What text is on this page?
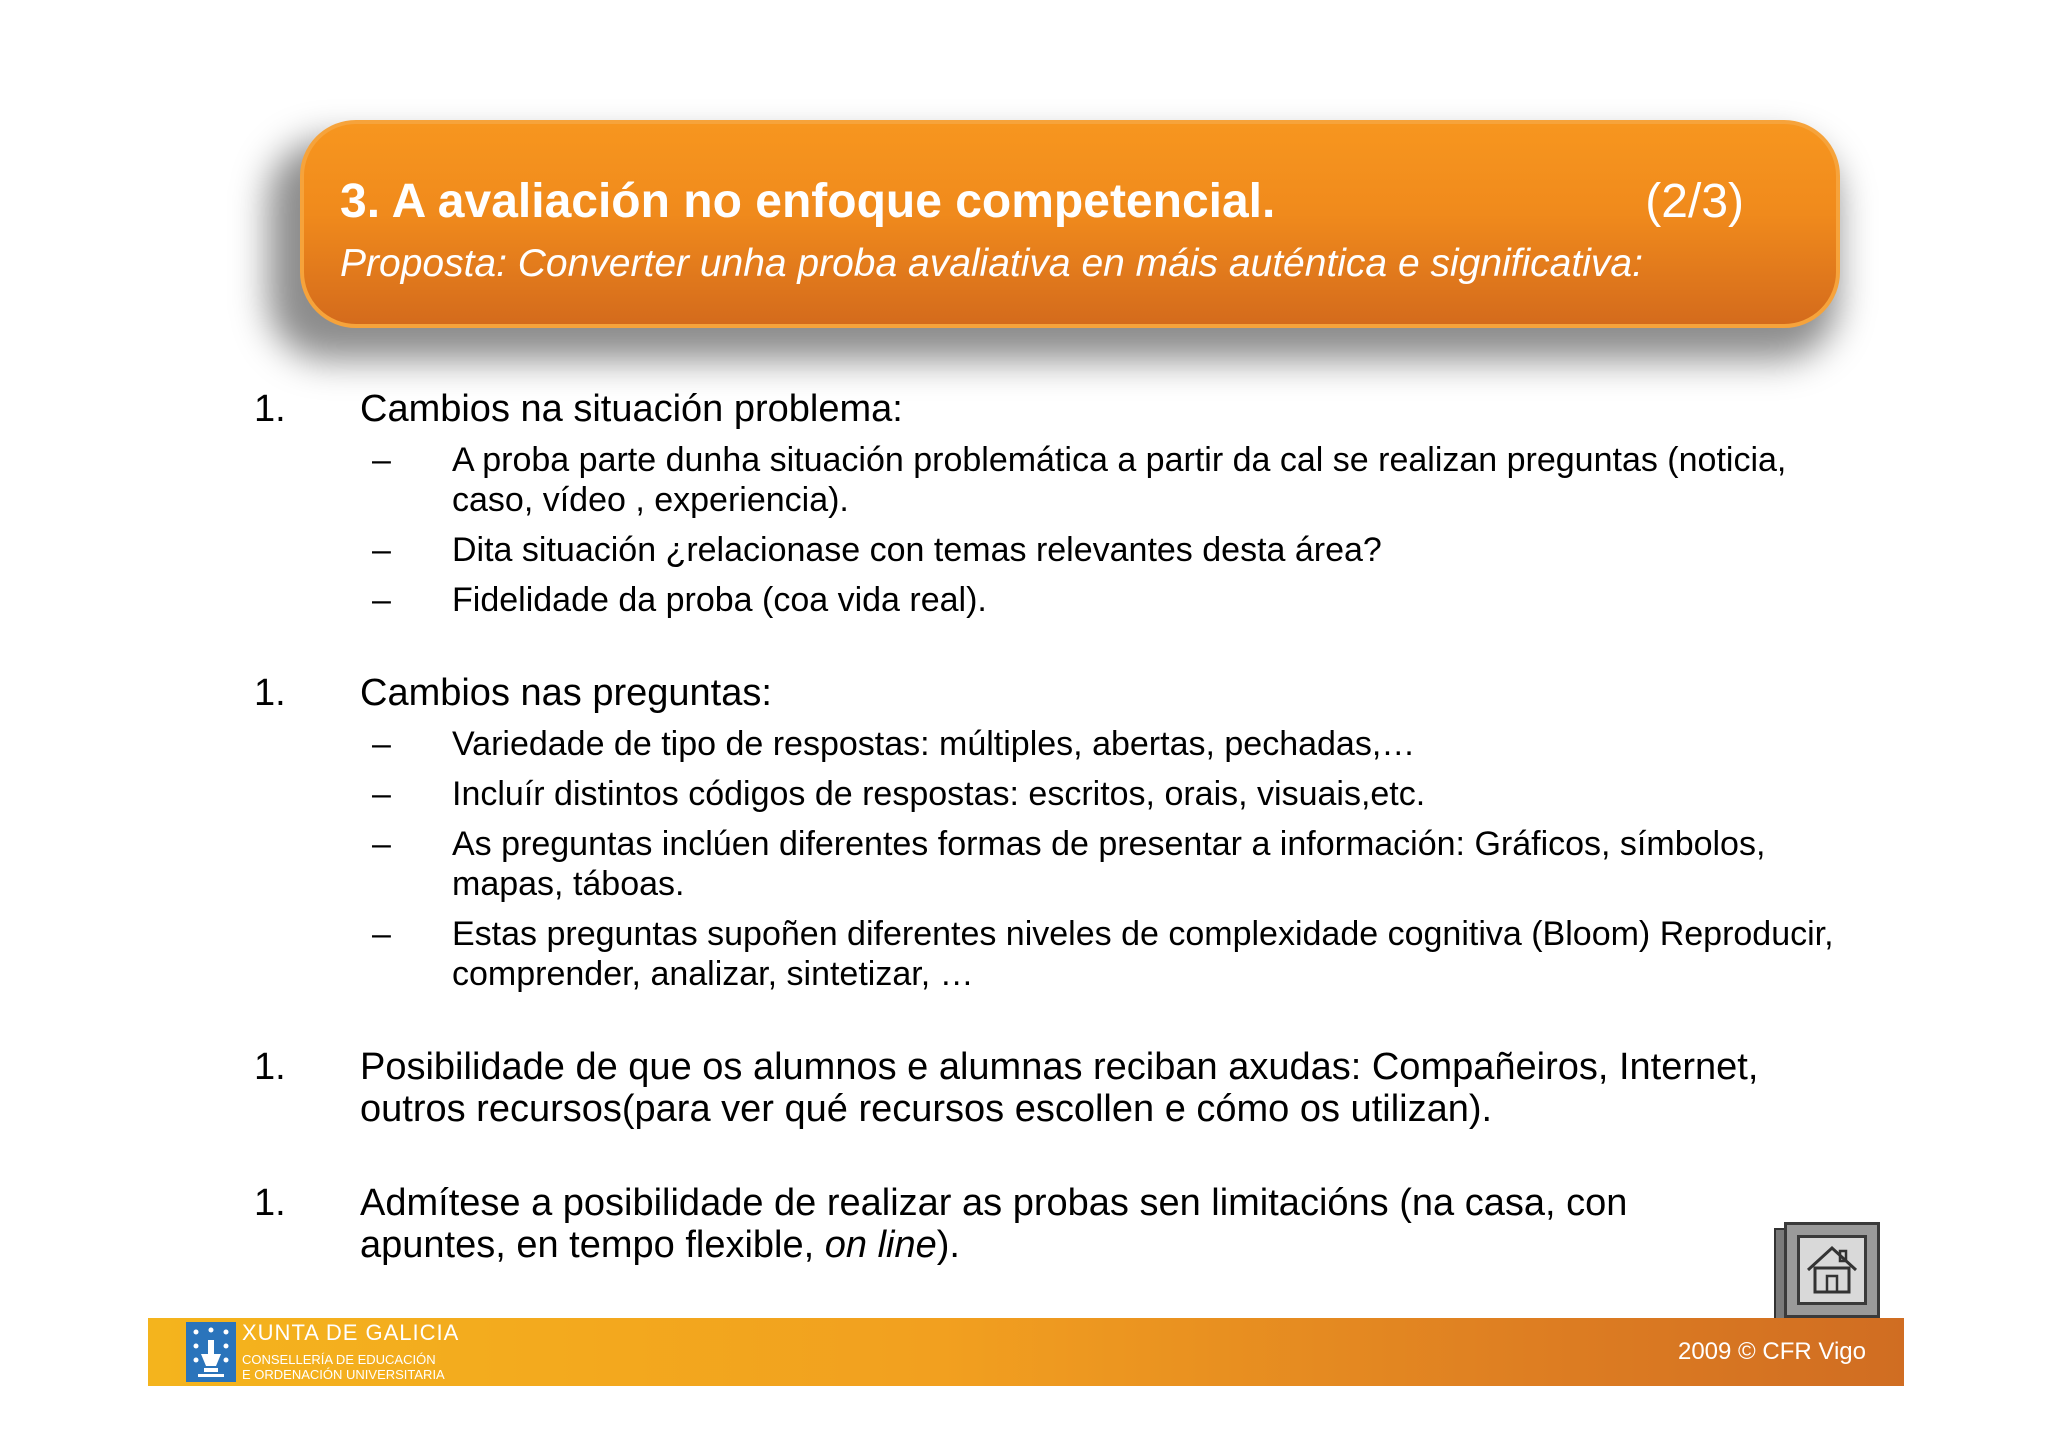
3. A avaliación no enfoque competencial.	(2/3)
Proposta: Converter unha proba avaliativa en máis auténtica e significativa:
1.	Cambios na situación problema:
–	A proba parte dunha situación problemática a partir da cal se realizan preguntas (noticia, caso, vídeo , experiencia).
–	Dita situación ¿relacionase con temas relevantes desta área?
–	Fidelidade da proba (coa vida real).
1.	Cambios nas preguntas:
–	Variedade de tipo de respostas: múltiples, abertas, pechadas,…
–	Incluír distintos códigos de respostas: escritos, orais, visuais,etc.
–	As preguntas inclúen diferentes formas de presentar a información: Gráficos, símbolos, mapas, táboas.
–	Estas preguntas supoñen diferentes niveles de complexidade cognitiva (Bloom) Reproducir, comprender, analizar, sintetizar, …
1.	Posibilidade de que os alumnos e alumnas reciban axudas: Compañeiros, Internet, outros recursos(para ver qué recursos escollen e cómo os utilizan).
1.	Admítese a posibilidade de realizar as probas sen limitacións (na casa, con apuntes, en tempo flexible, on line).
XUNTA DE GALICIA
CONSELLERÍA DE EDUCACIÓN
E ORDENACIÓN UNIVERSITARIA
2009 © CFR Vigo
